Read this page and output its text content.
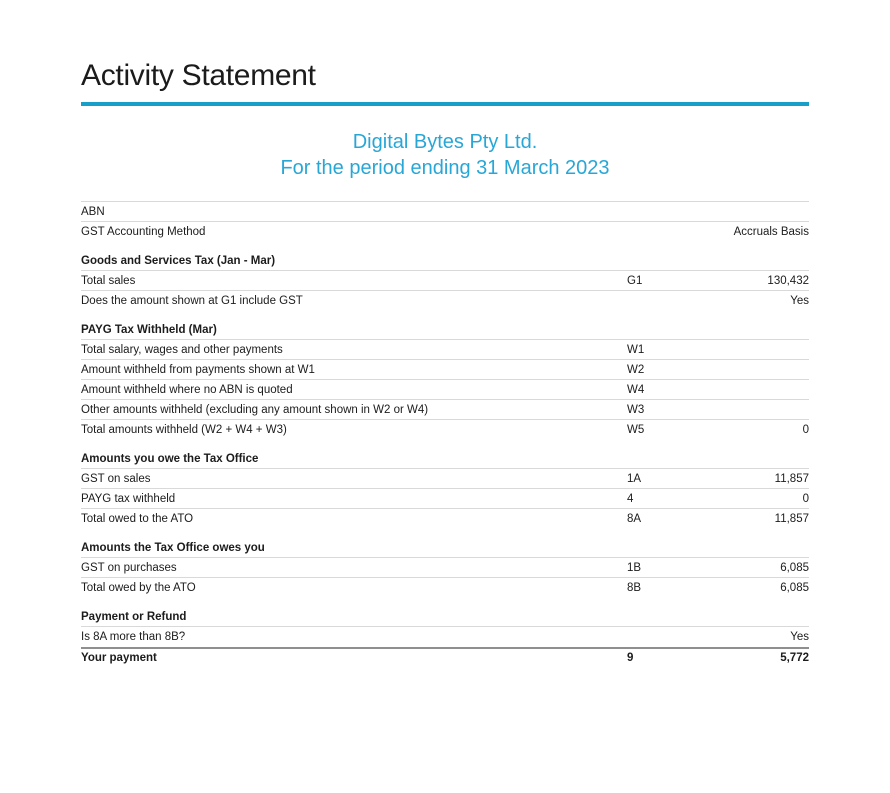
Activity Statement
Digital Bytes Pty Ltd.
For the period ending 31 March 2023
ABN
GST Accounting Method	Accruals Basis
Goods and Services Tax (Jan - Mar)
Total sales	G1	130,432
Does the amount shown at G1 include GST	Yes
PAYG Tax Withheld (Mar)
Total salary, wages and other payments	W1
Amount withheld from payments shown at W1	W2
Amount withheld where no ABN is quoted	W4
Other amounts withheld (excluding any amount shown in W2 or W4)	W3
Total amounts withheld (W2 + W4 + W3)	W5	0
Amounts you owe the Tax Office
GST on sales	1A	11,857
PAYG tax withheld	4	0
Total owed to the ATO	8A	11,857
Amounts the Tax Office owes you
GST on purchases	1B	6,085
Total owed by the ATO	8B	6,085
Payment or Refund
Is 8A more than 8B?	Yes
Your payment	9	5,772
